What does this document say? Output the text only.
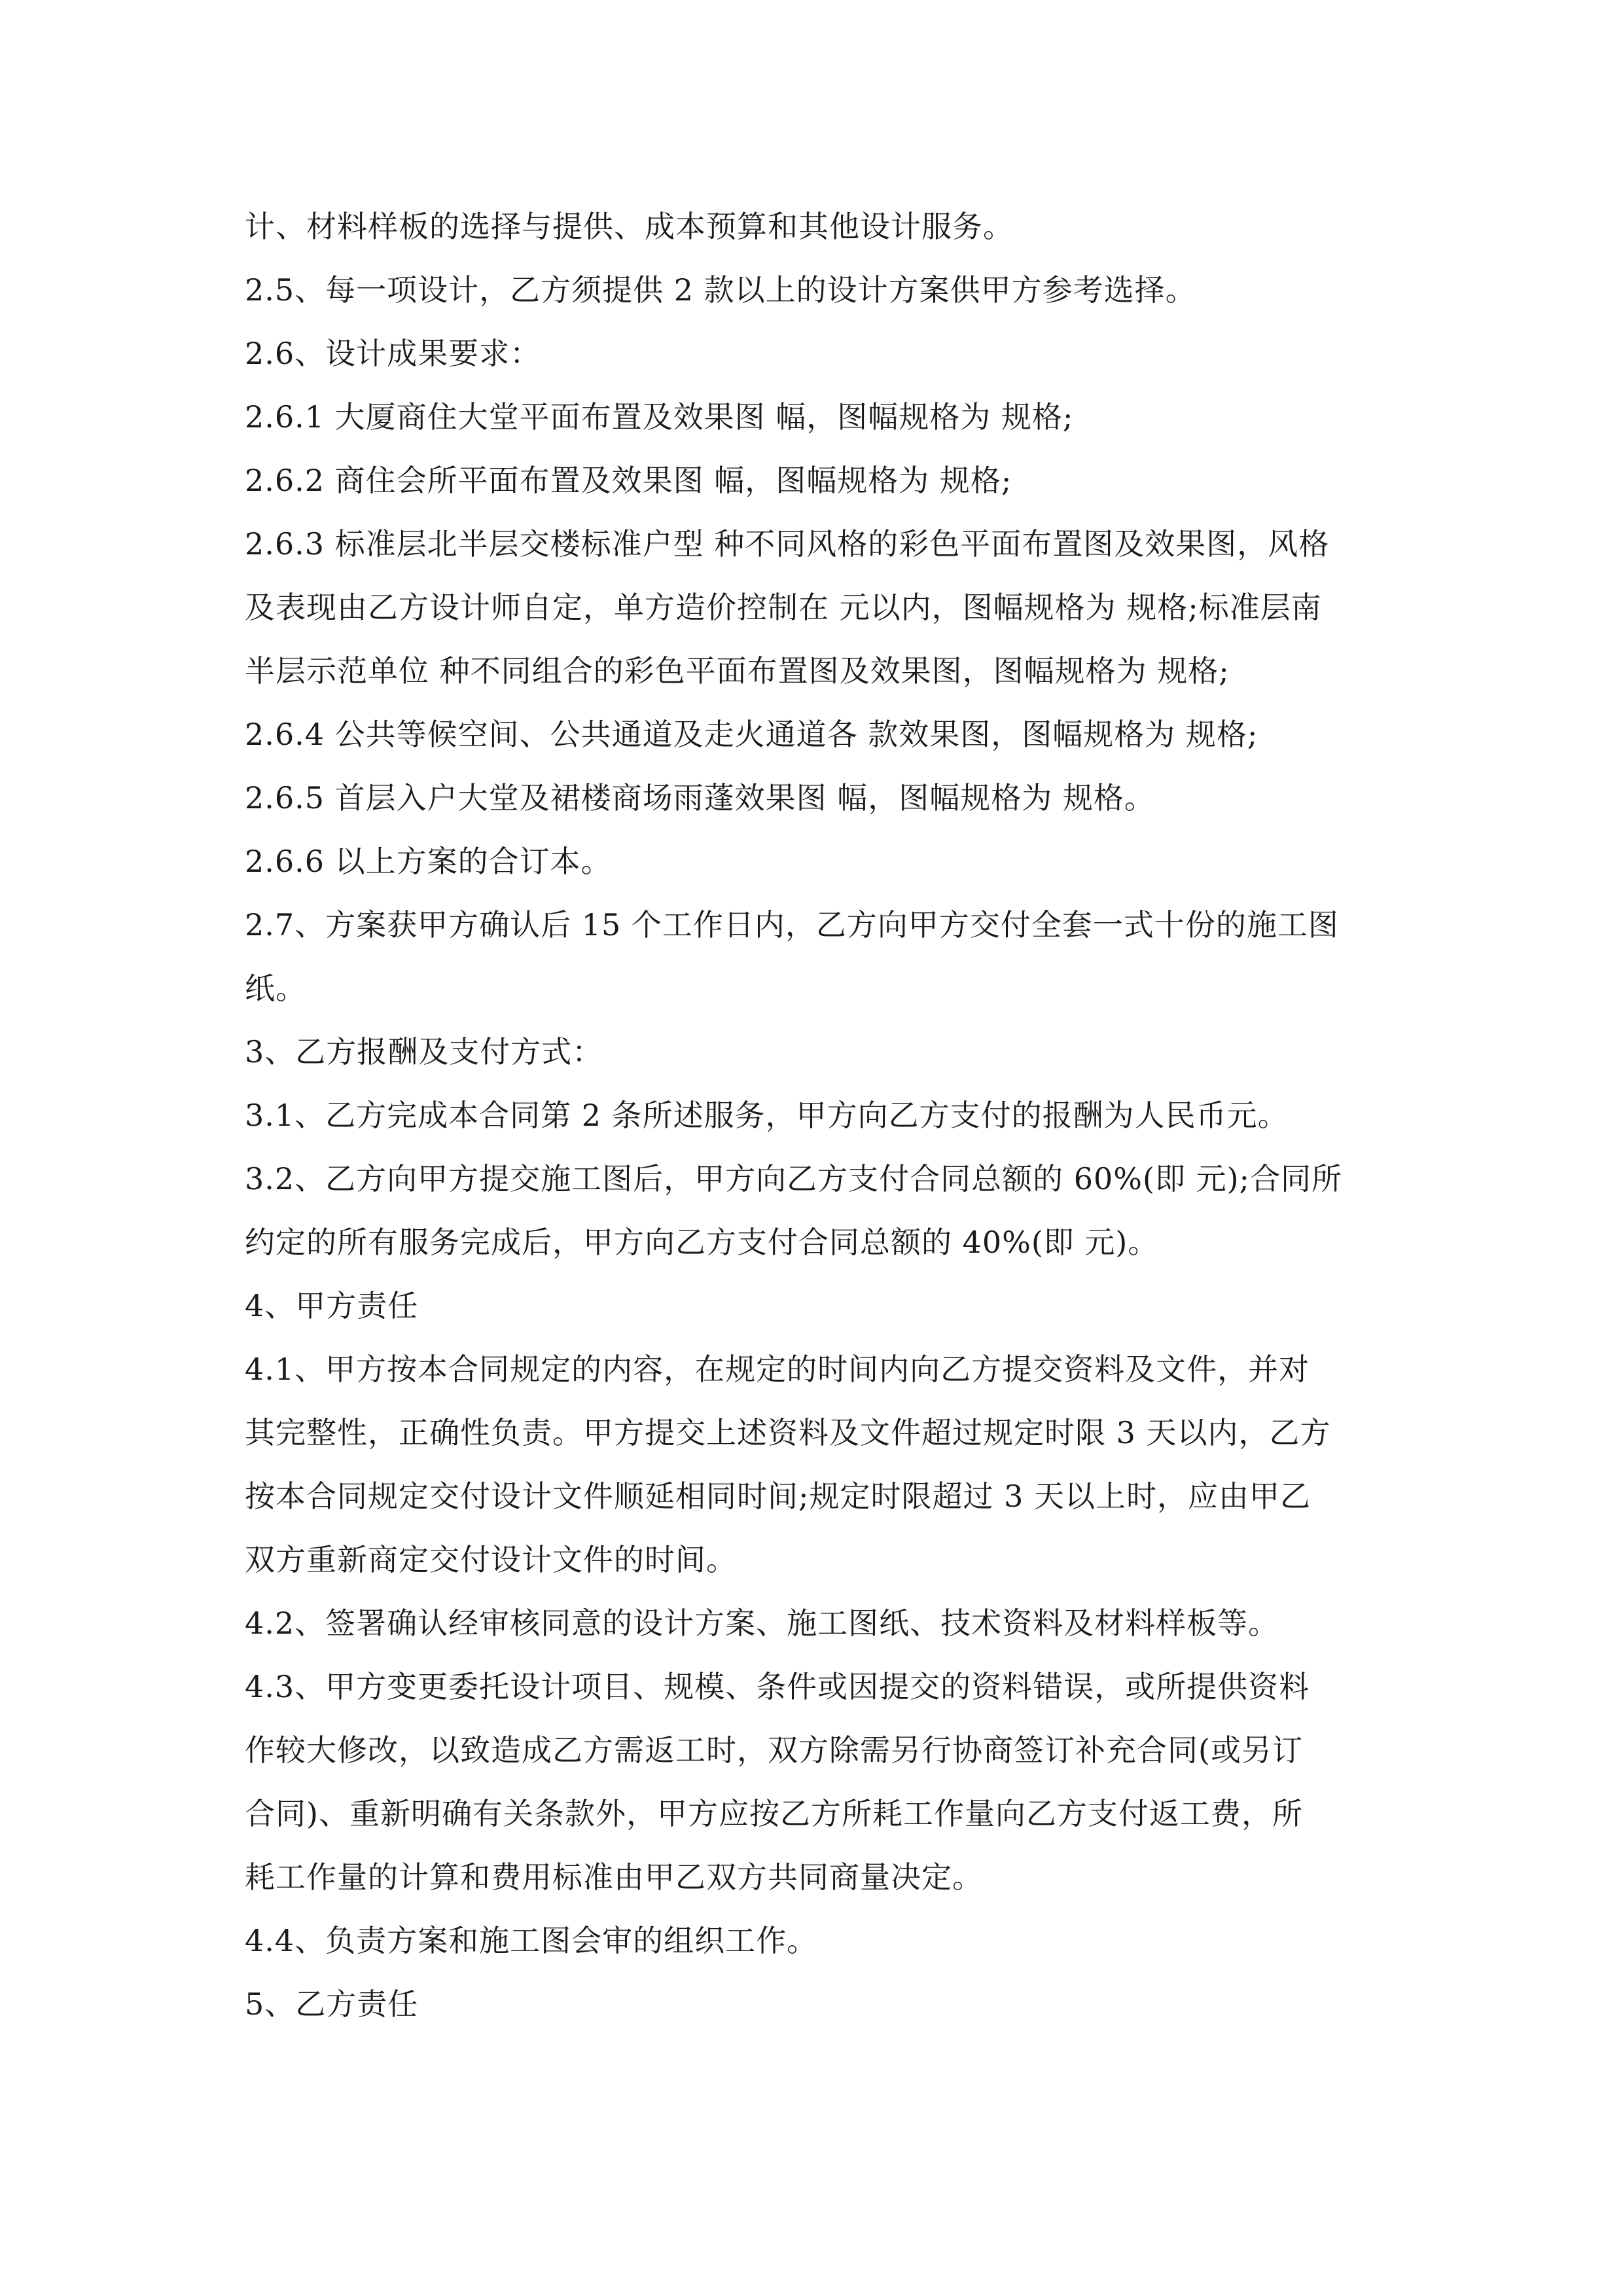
计、材料样板的选择与提供、成本预算和其他设计服务。
2.5、每一项设计，乙方须提供 2 款以上的设计方案供甲方参考选择。
2.6、设计成果要求：
2.6.1 大厦商住大堂平面布置及效果图 幅，图幅规格为 规格;
2.6.2 商住会所平面布置及效果图 幅，图幅规格为 规格;
2.6.3 标准层北半层交楼标准户型 种不同风格的彩色平面布置图及效果图，风格
及表现由乙方设计师自定，单方造价控制在 元以内，图幅规格为 规格;标准层南
半层示范单位 种不同组合的彩色平面布置图及效果图，图幅规格为 规格;
2.6.4 公共等候空间、公共通道及走火通道各 款效果图，图幅规格为 规格;
2.6.5 首层入户大堂及裙楼商场雨蓬效果图 幅，图幅规格为 规格。
2.6.6 以上方案的合订本。
2.7、方案获甲方确认后 15 个工作日内，乙方向甲方交付全套一式十份的施工图
纸。
3、乙方报酬及支付方式：
3.1、乙方完成本合同第 2 条所述服务，甲方向乙方支付的报酬为人民币元。
3.2、乙方向甲方提交施工图后，甲方向乙方支付合同总额的 60%(即 元);合同所
约定的所有服务完成后，甲方向乙方支付合同总额的 40%(即 元)。
4、甲方责任
4.1、甲方按本合同规定的内容，在规定的时间内向乙方提交资料及文件，并对
其完整性，正确性负责。甲方提交上述资料及文件超过规定时限 3 天以内，乙方
按本合同规定交付设计文件顺延相同时间;规定时限超过 3 天以上时，应由甲乙
双方重新商定交付设计文件的时间。
4.2、签署确认经审核同意的设计方案、施工图纸、技术资料及材料样板等。
4.3、甲方变更委托设计项目、规模、条件或因提交的资料错误，或所提供资料
作较大修改，以致造成乙方需返工时，双方除需另行协商签订补充合同(或另订
合同)、重新明确有关条款外，甲方应按乙方所耗工作量向乙方支付返工费，所
耗工作量的计算和费用标准由甲乙双方共同商量决定。
4.4、负责方案和施工图会审的组织工作。
5、乙方责任
